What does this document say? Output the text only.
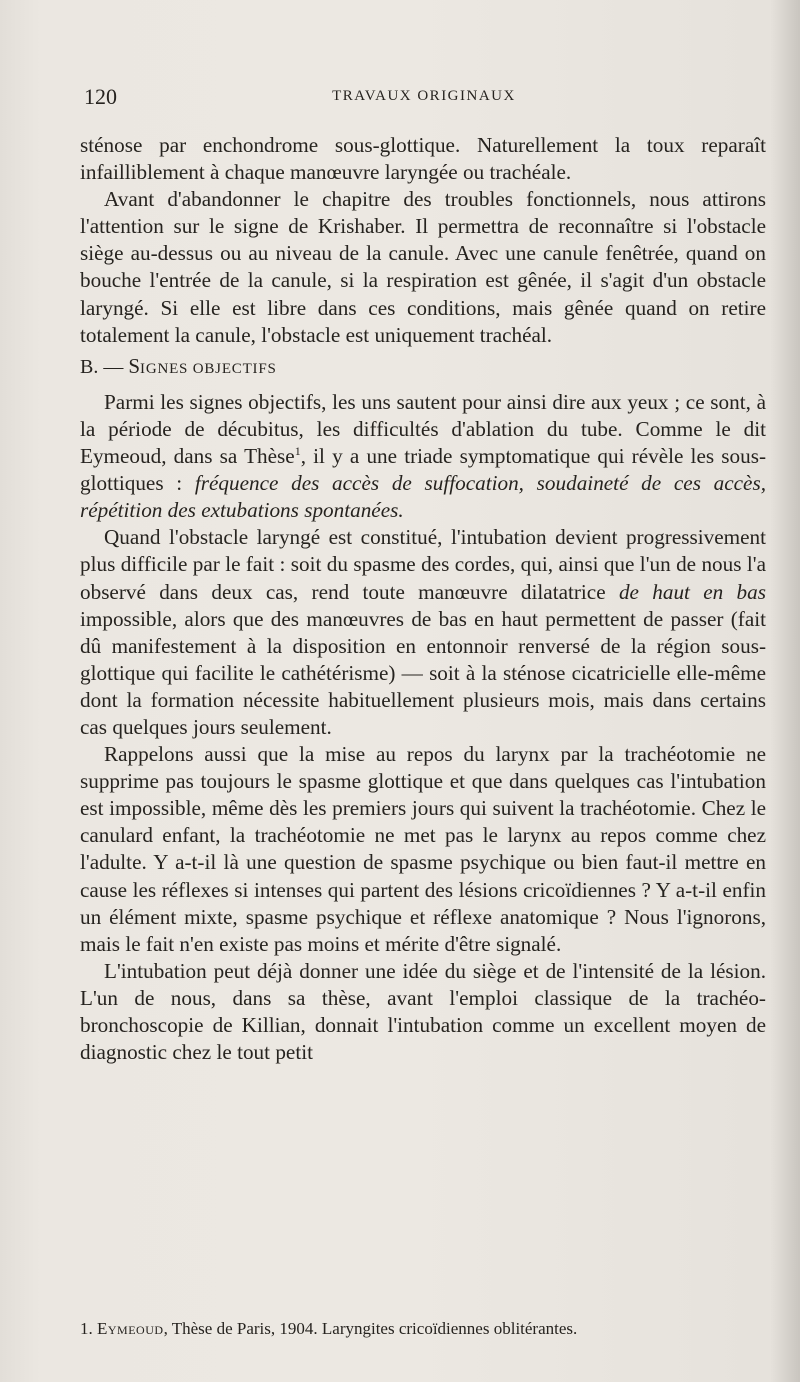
120	TRAVAUX ORIGINAUX

sténose par enchondrome sous-glottique. Naturellement la toux reparaît infailliblement à chaque manœuvre laryngée ou trachéale.

Avant d'abandonner le chapitre des troubles fonctionnels, nous attirons l'attention sur le signe de Krishaber. Il permettra de reconnaître si l'obstacle siège au-dessus ou au niveau de la canule. Avec une canule fenêtrée, quand on bouche l'entrée de la canule, si la respiration est gênée, il s'agit d'un obstacle laryngé. Si elle est libre dans ces conditions, mais gênée quand on retire totalement la canule, l'obstacle est uniquement trachéal.

B. — SIGNES OBJECTIFS

Parmi les signes objectifs, les uns sautent pour ainsi dire aux yeux ; ce sont, à la période de décubitus, les difficultés d'ablation du tube. Comme le dit Eymeoud, dans sa Thèse$^1$, il y a une triade symptomatique qui révèle les sous-glottiques : fréquence des accès de suffocation, soudaineté de ces accès, répétition des extubations spontanées.

Quand l'obstacle laryngé est constitué, l'intubation devient progressivement plus difficile par le fait : soit du spasme des cordes, qui, ainsi que l'un de nous l'a observé dans deux cas, rend toute manœuvre dilatatrice de haut en bas impossible, alors que des manœuvres de bas en haut permettent de passer (fait dû manifestement à la disposition en entonnoir renversé de la région sous-glottique qui facilite le cathétérisme) — soit à la sténose cicatricielle elle-même dont la formation nécessite habituellement plusieurs mois, mais dans certains cas quelques jours seulement.

Rappelons aussi que la mise au repos du larynx par la trachéotomie ne supprime pas toujours le spasme glottique et que dans quelques cas l'intubation est impossible, même dès les premiers jours qui suivent la trachéotomie. Chez le canulard enfant, la trachéotomie ne met pas le larynx au repos comme chez l'adulte. Y a-t-il là une question de spasme psychique ou bien faut-il mettre en cause les réflexes si intenses qui partent des lésions cricoïdiennes ? Y a-t-il enfin un élément mixte, spasme psychique et réflexe anatomique ? Nous l'ignorons, mais le fait n'en existe pas moins et mérite d'être signalé.

L'intubation peut déjà donner une idée du siège et de l'intensité de la lésion. L'un de nous, dans sa thèse, avant l'emploi classique de la trachéo-bronchoscopie de Killian, donnait l'intubation comme un excellent moyen de diagnostic chez le tout petit

1. Eymeoud, Thèse de Paris, 1904. Laryngites cricoïdiennes oblitérantes.
